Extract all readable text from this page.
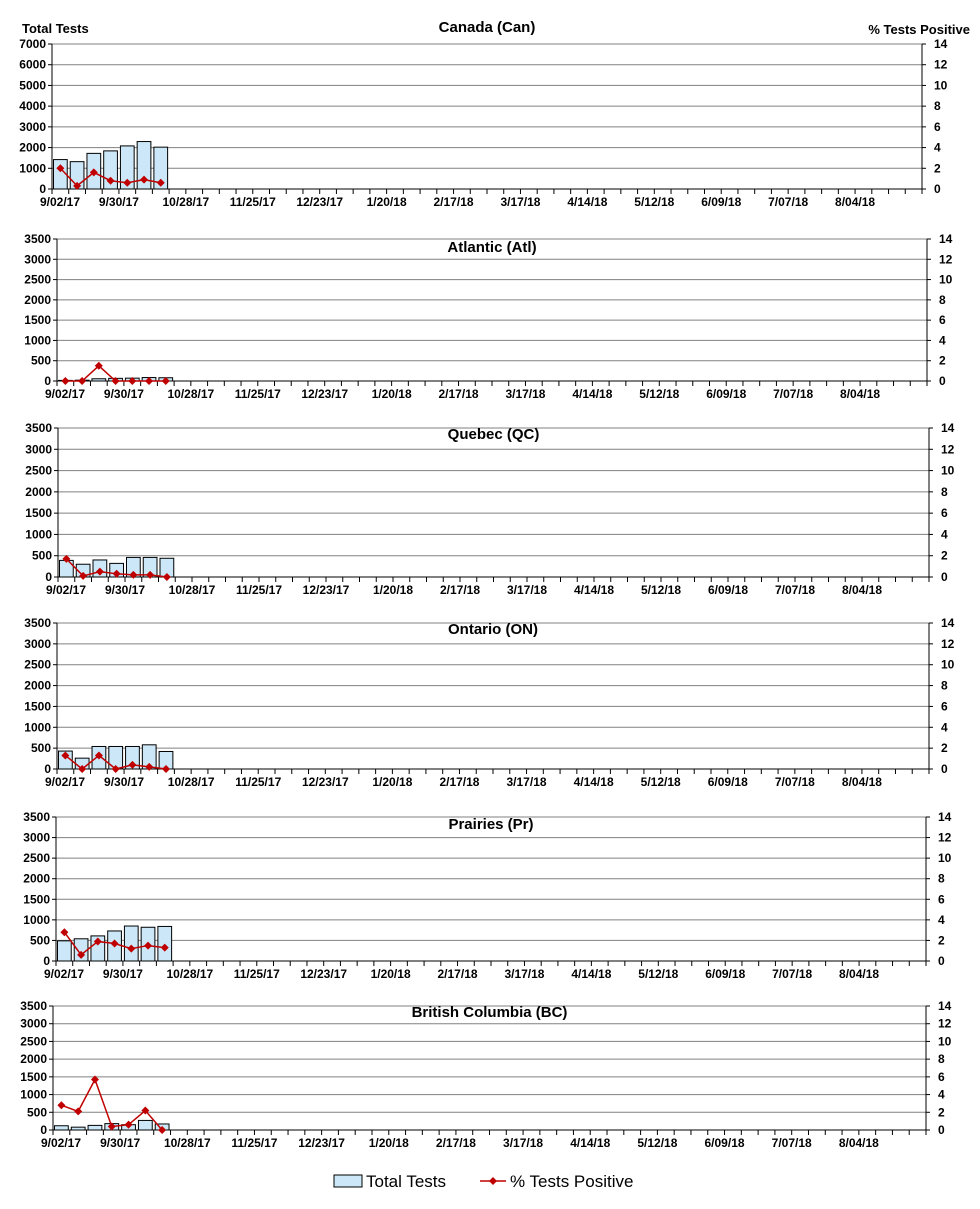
0
1000
2000
3000
4000
5000
6000
7000
0
2
4
6
8
10
12
14
9/02/17 9/30/17 10/28/17 11/25/17 12/23/17 1/20/18 2/17/18 3/17/18 4/14/18 5/12/18 6/09/18 7/07/18 8/04/18
Canada (Can)
Total Tests	% Tests Positive
0
500
1000
1500
2000
2500
3000
3500
0
2
4
6
8
10
12
14
9/02/17 9/30/17 10/28/17 11/25/17 12/23/17 1/20/18 2/17/18 3/17/18 4/14/18 5/12/18 6/09/18 7/07/18 8/04/18
Atlantic (Atl)
0
500
1000
1500
2000
2500
3000
3500
0
2
4
6
8
10
12
14
9/02/17 9/30/17 10/28/17 11/25/17 12/23/17 1/20/18 2/17/18 3/17/18 4/14/18 5/12/18 6/09/18 7/07/18 8/04/18
Quebec (QC)
0
500
1000
1500
2000
2500
3000
3500
0
2
4
6
8
10
12
14
9/02/17 9/30/17 10/28/17 11/25/17 12/23/17 1/20/18 2/17/18 3/17/18 4/14/18 5/12/18 6/09/18 7/07/18 8/04/18
Ontario (ON)
0
500
1000
1500
2000
2500
3000
3500
0
2
4
6
8
10
12
14
9/02/17 9/30/17 10/28/17 11/25/17 12/23/17 1/20/18 2/17/18 3/17/18 4/14/18 5/12/18 6/09/18 7/07/18 8/04/18
Prairies (Pr)
0
500
1000
1500
2000
2500
3000
3500
0
2
4
6
8
10
12
14
9/02/17 9/30/17 10/28/17 11/25/17 12/23/17 1/20/18 2/17/18 3/17/18 4/14/18 5/12/18 6/09/18 7/07/18 8/04/18
British Columbia (BC)
Total Tests	% Tests Positive
